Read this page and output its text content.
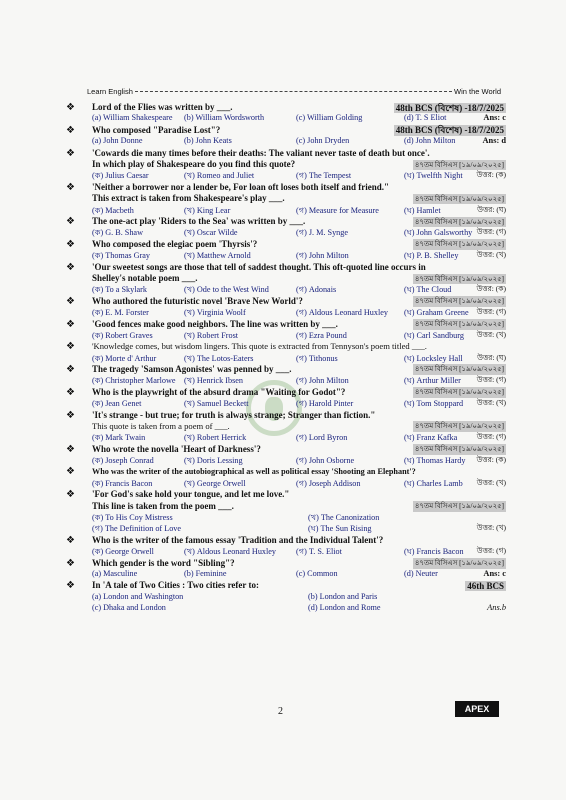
Learn English	Win the World
❖	48th BCS (বিশেষ) -18/7/2025
Lord of the Flies was written by ___.
(a) William Shakespeare (b) William Wordsworth	(c) William Golding	(d) T. S Eliot	Ans: c
❖	48th BCS (বিশেষ) -18/7/2025
Who composed "Paradise Lost"?
(a) John Donne	(b) John Keats	(c) John Dryden	(d) John Milton	Ans: d
❖ 'Cowards die many times before their deaths: The valiant never taste of death but once'.
৪৭তম বিসিএস [১৯/০৯/২০২৫]
In which play of Shakespeare do you find this quote?
(ক) Julius Caesar	(খ) Romeo and Juliet	(গ) The Tempest	(ঘ) Twelfth Night উত্তর: (ক)
❖ 'Neither a borrower nor a lender be, For loan oft loses both itself and friend."
৪৭তম বিসিএস [১৯/০৯/২০২৫]
This extract is taken from Shakespeare's play ___.
(ক) Macbeth	(খ) King Lear	(গ) Measure for Measure	(ঘ) Hamlet	উত্তর: (ঘ)
❖	৪৭তম বিসিএস [১৯/০৯/২০২৫]
The one-act play 'Riders to the Sea' was written by ___.
(ক) G. B. Shaw	(খ) Oscar Wilde	(গ) J. M. Synge	(ঘ) John Galsworthy উত্তর: (গ)
❖	৪৭তম বিসিএস [১৯/০৯/২০২৫]
Who composed the elegiac poem 'Thyrsis'?
(ক) Thomas Gray	(খ) Matthew Arnold	(গ) John Milton	(ঘ) P. B. Shelley উত্তর: (খ)
❖ 'Our sweetest songs are those that tell of saddest thought. This oft-quoted line occurs in
৪৭তম বিসিএস [১৯/০৯/২০২৫]
Shelley's notable poem ___.
(ক) To a Skylark	(খ) Ode to the West Wind	(গ) Adonais	(ঘ) The Cloud	উত্তর: (ক)
❖	৪৭তম বিসিএস [১৯/০৯/২০২৫]
Who authored the futuristic novel 'Brave New World'?
(ক) E. M. Forster	(খ) Virginia Woolf	(গ) Aldous Leonard Huxley (ঘ) Graham Greene উত্তর: (গ)
❖	৪৭তম বিসিএস [১৯/০৯/২০২৫]
'Good fences make good neighbors. The line was written by ___.
(ক) Robert Graves	(খ) Robert Frost	(গ) Ezra Pound	(ঘ) Carl Sandburg উত্তর: (খ)
❖ 'Knowledge comes, but wisdom lingers. This quote is extracted from Tennyson's poem titled ___.
(ক) Morte d' Arthur	(খ) The Lotos-Eaters	(গ) Tithonus	(ঘ) Locksley Hall উত্তর: (ঘ)
❖	৪৭তম বিসিএস [১৯/০৯/২০২৫]
The tragedy 'Samson Agonistes' was penned by ___.
(ক) Christopher Marlowe (খ) Henrick Ibsen	(গ) John Milton	(ঘ) Arthur Miller উত্তর: (গ)
❖	৪৭তম বিসিএস [১৯/০৯/২০২৫]
Who is the playwright of the absurd drama "Waiting for Godot"?
(ক) Jean Genet	(খ) Samuel Beckett	(গ) Harold Pinter	(ঘ) Tom Stoppard উত্তর: (খ)
❖ 'It's strange - but true; for truth is always strange; Stranger than fiction."
৪৭তম বিসিএস [১৯/০৯/২০২৫]
This quote is taken from a poem of ___.
(ক) Mark Twain	(খ) Robert Herrick	(গ) Lord Byron	(ঘ) Franz Kafka	উত্তর: (গ)
❖	৪৭তম বিসিএস [১৯/০৯/২০২৫]
Who wrote the novella 'Heart of Darkness'?
(ক) Joseph Conrad	(খ) Doris Lessing	(গ) John Osborne	(ঘ) Thomas Hardy উত্তর: (ক)
❖ Who was the writer of the autobiographical as well as political essay 'Shooting an Elephant'?
(ক) Francis Bacon	(খ) George Orwell	(গ) Joseph Addison	(ঘ) Charles Lamb উত্তর: (খ)
❖ 'For God's sake hold your tongue, and let me love."
৪৭তম বিসিএস [১৯/০৯/২০২৫]
This line is taken from the poem ___.
(ক) To His Coy Mistress	(খ) The Canonization
(গ) The Definition of Love	(ঘ) The Sun Rising	উত্তর: (খ)
❖ Who is the writer of the famous essay 'Tradition and the Individual Talent'?
(ক) George Orwell	(খ) Aldous Leonard Huxley (গ) T. S. Eliot	(ঘ) Francis Bacon উত্তর: (গ)
❖	৪৭তম বিসিএস [১৯/০৯/২০২৫]
Which gender is the word "Sibling"?
(a) Masculine	(b) Feminine	(c) Common	(d) Neuter	Ans: c
❖	46th BCS
In 'A tale of Two Cities : Two cities refer to:
(a) London and Washington	(b) London and Paris
(c) Dhaka and London	(d) London and Rome	Ans.b
2	APEX
